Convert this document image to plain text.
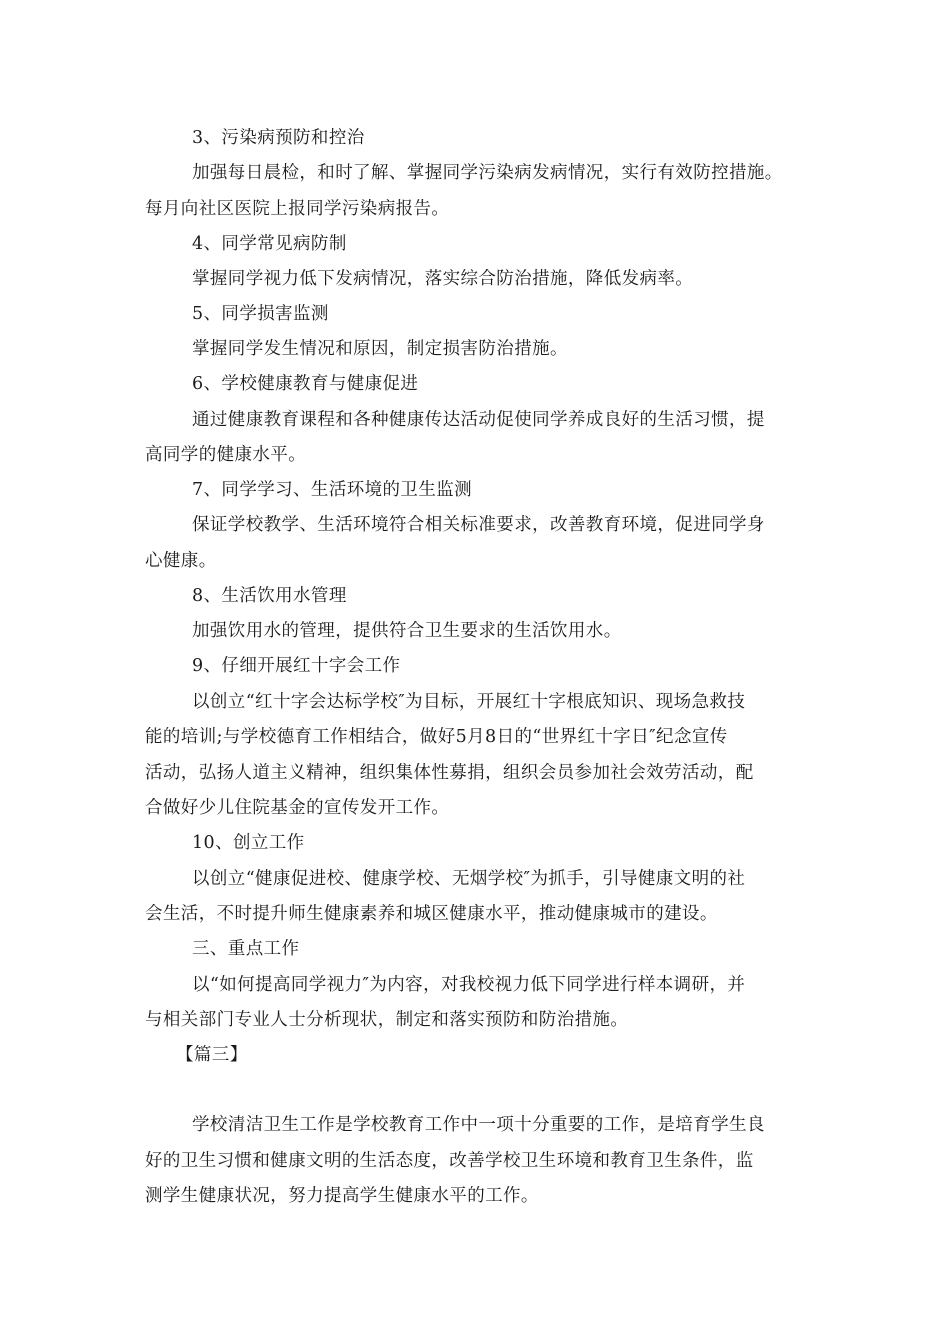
3、污染病预防和控治
加强每日晨检，和时了解、掌握同学污染病发病情况，实行有效防控措施。
每月向社区医院上报同学污染病报告。
4、同学常见病防制
掌握同学视力低下发病情况，落实综合防治措施，降低发病率。
5、同学损害监测
掌握同学发生情况和原因，制定损害防治措施。
6、学校健康教育与健康促进
通过健康教育课程和各种健康传达活动促使同学养成良好的生活习惯，提
高同学的健康水平。
7、同学学习、生活环境的卫生监测
保证学校教学、生活环境符合相关标准要求，改善教育环境，促进同学身
心健康。
8、生活饮用水管理
加强饮用水的管理，提供符合卫生要求的生活饮用水。
9、仔细开展红十字会工作
以创立“红十字会达标学校″为目标，开展红十字根底知识、现场急救技
能的培训;与学校德育工作相结合，做好5月8日的“世界红十字日″纪念宣传
活动，弘扬人道主义精神，组织集体性募捐，组织会员参加社会效劳活动，配
合做好少儿住院基金的宣传发开工作。
10、创立工作
以创立“健康促进校、健康学校、无烟学校″为抓手，引导健康文明的社
会生活，不时提升师生健康素养和城区健康水平，推动健康城市的建设。
三、重点工作
以“如何提高同学视力″为内容，对我校视力低下同学进行样本调研，并
与相关部门专业人士分析现状，制定和落实预防和防治措施。
【篇三】
学校清洁卫生工作是学校教育工作中一项十分重要的工作，是培育学生良
好的卫生习惯和健康文明的生活态度，改善学校卫生环境和教育卫生条件，监
测学生健康状况，努力提高学生健康水平的工作。
